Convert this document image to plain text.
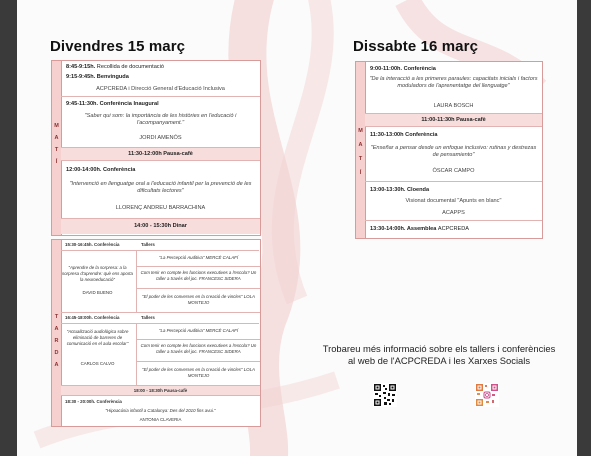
Divendres 15 març
M
A
T
Í
8:45-9:15h. Recollida de documentació
9:15-9:45h. Benvinguda
ACPCREDA i Direcció General d'Educació Inclusiva
9:45-11:30h. Conferència Inaugural
"Saber qui som: la importància de les històries en l'educació i l'acompanyament."
JORDI AMENÓS
11:30-12:00h Pausa-cafè
12:00-14:00h. Conferència
"Intervenció en llenguatge oral a l'educació infantil per la prevenció de les dificultats lectores"
LLORENÇ ANDREU BARRACHINA
14:00 - 15:30h Dinar
T
A
R
D
A
15:30-16:45h. Conferència	Tallers
"Aprendre de la sorpresa: a la sorpresa d'aprendre: què ens aporta la neuroeducació"
DAVID BUENO
"La Percepció Auditiva" MERCÈ CALAFÍ
Com tenir en compte les funcions executives a l'escola? Un taller a través del joc. FRANCESC SIDERA
"El poder de les converses en la creació de vincles" LOLA MONTEJO
16:45-18:00h. Conferència	Tallers
"Actualització audiològica sobre eliminació de barreres de comunicació en el aula escolar"
CARLOS CALVO
"La Percepció Auditiva" MERCÈ CALAFÍ
Com tenir en compte les funcions executives a l'escola? Un taller a través del joc. FRANCESC SIDERA
"El poder de les converses en la creació de vincles" LOLA MONTEJO
18:00 - 18:30h Pausa-cafè
18:30 - 20:00h. Conferència
"Hipoacúsia infantil a Catalunya: Des del 2010 fins avui."
ANTONIA CLAVERIA
Dissabte 16 març
M
A
T
Í
9:00-11:00h. Conferència
"De la interacció a les primeres paraules: capacitats inicials i factors moduladors de l'aprenentatge del llenguatge"
LAURA BOSCH
11:00-11:30h Pausa-cafè
11:30-13:00h Conferència
"Enseñar a pensar desde un enfoque inclusivo: rutinas y destrezas de pensamiento"
ÓSCAR CAMPO
13:00-13:30h. Cloenda
Visionat documental "Apunts en blanc"
ACAPPS
13:30-14:00h. Assemblea ACPCREDA
Trobareu més informació sobre els tallers i conferències
al web de l'ACPCREDA i les Xarxes Socials
